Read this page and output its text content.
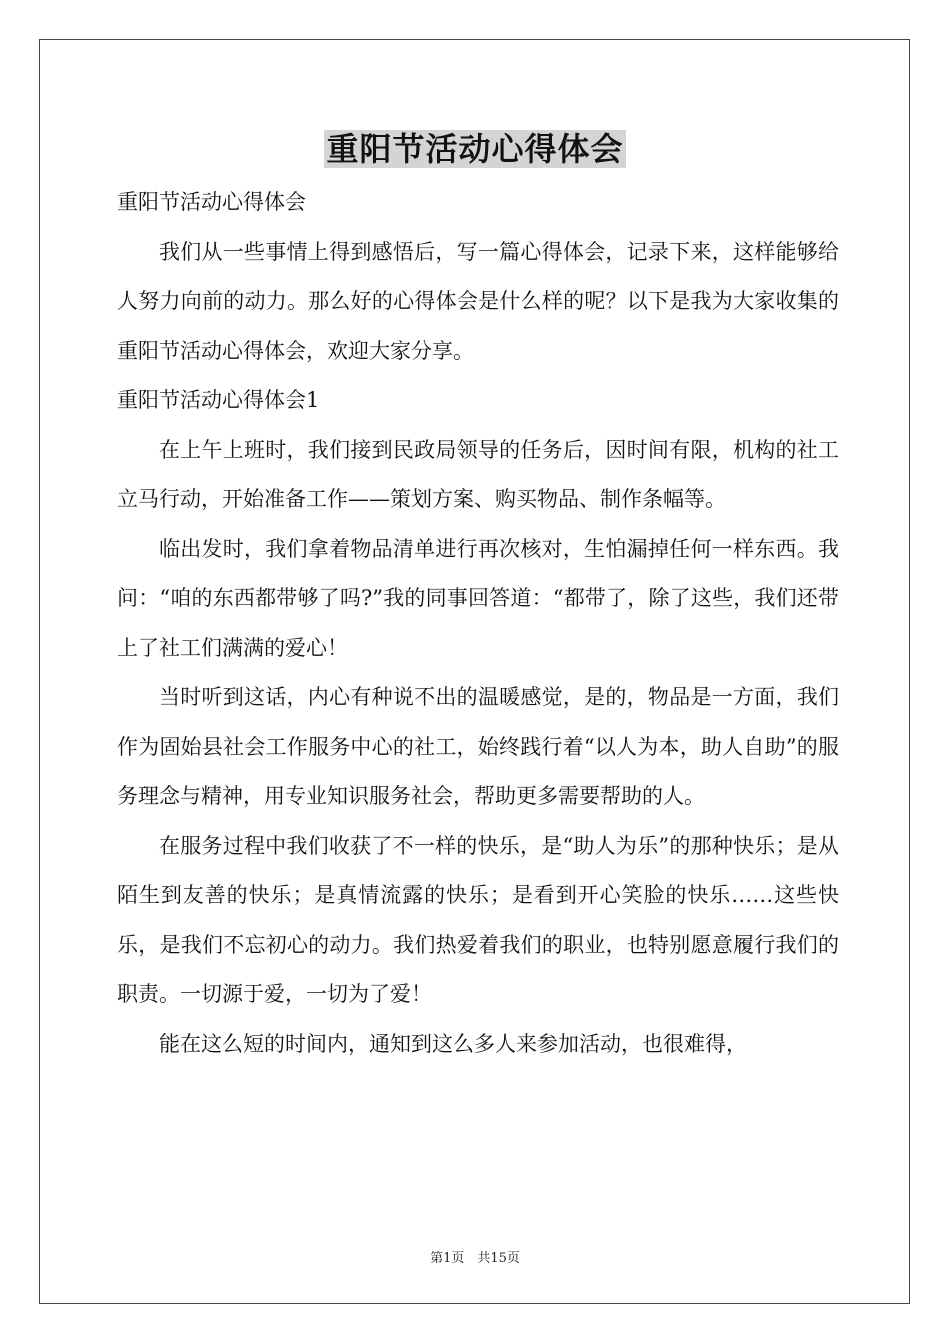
重阳节活动心得体会

重阳节活动心得体会

我们从一些事情上得到感悟后，写一篇心得体会，记录下来，这样能够给人努力向前的动力。那么好的心得体会是什么样的呢？以下是我为大家收集的重阳节活动心得体会，欢迎大家分享。

重阳节活动心得体会1

在上午上班时，我们接到民政局领导的任务后，因时间有限，机构的社工立马行动，开始准备工作——策划方案、购买物品、制作条幅等。

临出发时，我们拿着物品清单进行再次核对，生怕漏掉任何一样东西。我问：“咱的东西都带够了吗?”我的同事回答道：“都带了，除了这些，我们还带上了社工们满满的爱心！

当时听到这话，内心有种说不出的温暖感觉，是的，物品是一方面，我们作为固始县社会工作服务中心的社工，始终践行着“以人为本，助人自助”的服务理念与精神，用专业知识服务社会，帮助更多需要帮助的人。

在服务过程中我们收获了不一样的快乐，是“助人为乐”的那种快乐；是从陌生到友善的快乐；是真情流露的快乐；是看到开心笑脸的快乐……这些快乐，是我们不忘初心的动力。我们热爱着我们的职业，也特别愿意履行我们的职责。一切源于爱，一切为了爱！

能在这么短的时间内，通知到这么多人来参加活动，也很难得，

第1页　共15页
